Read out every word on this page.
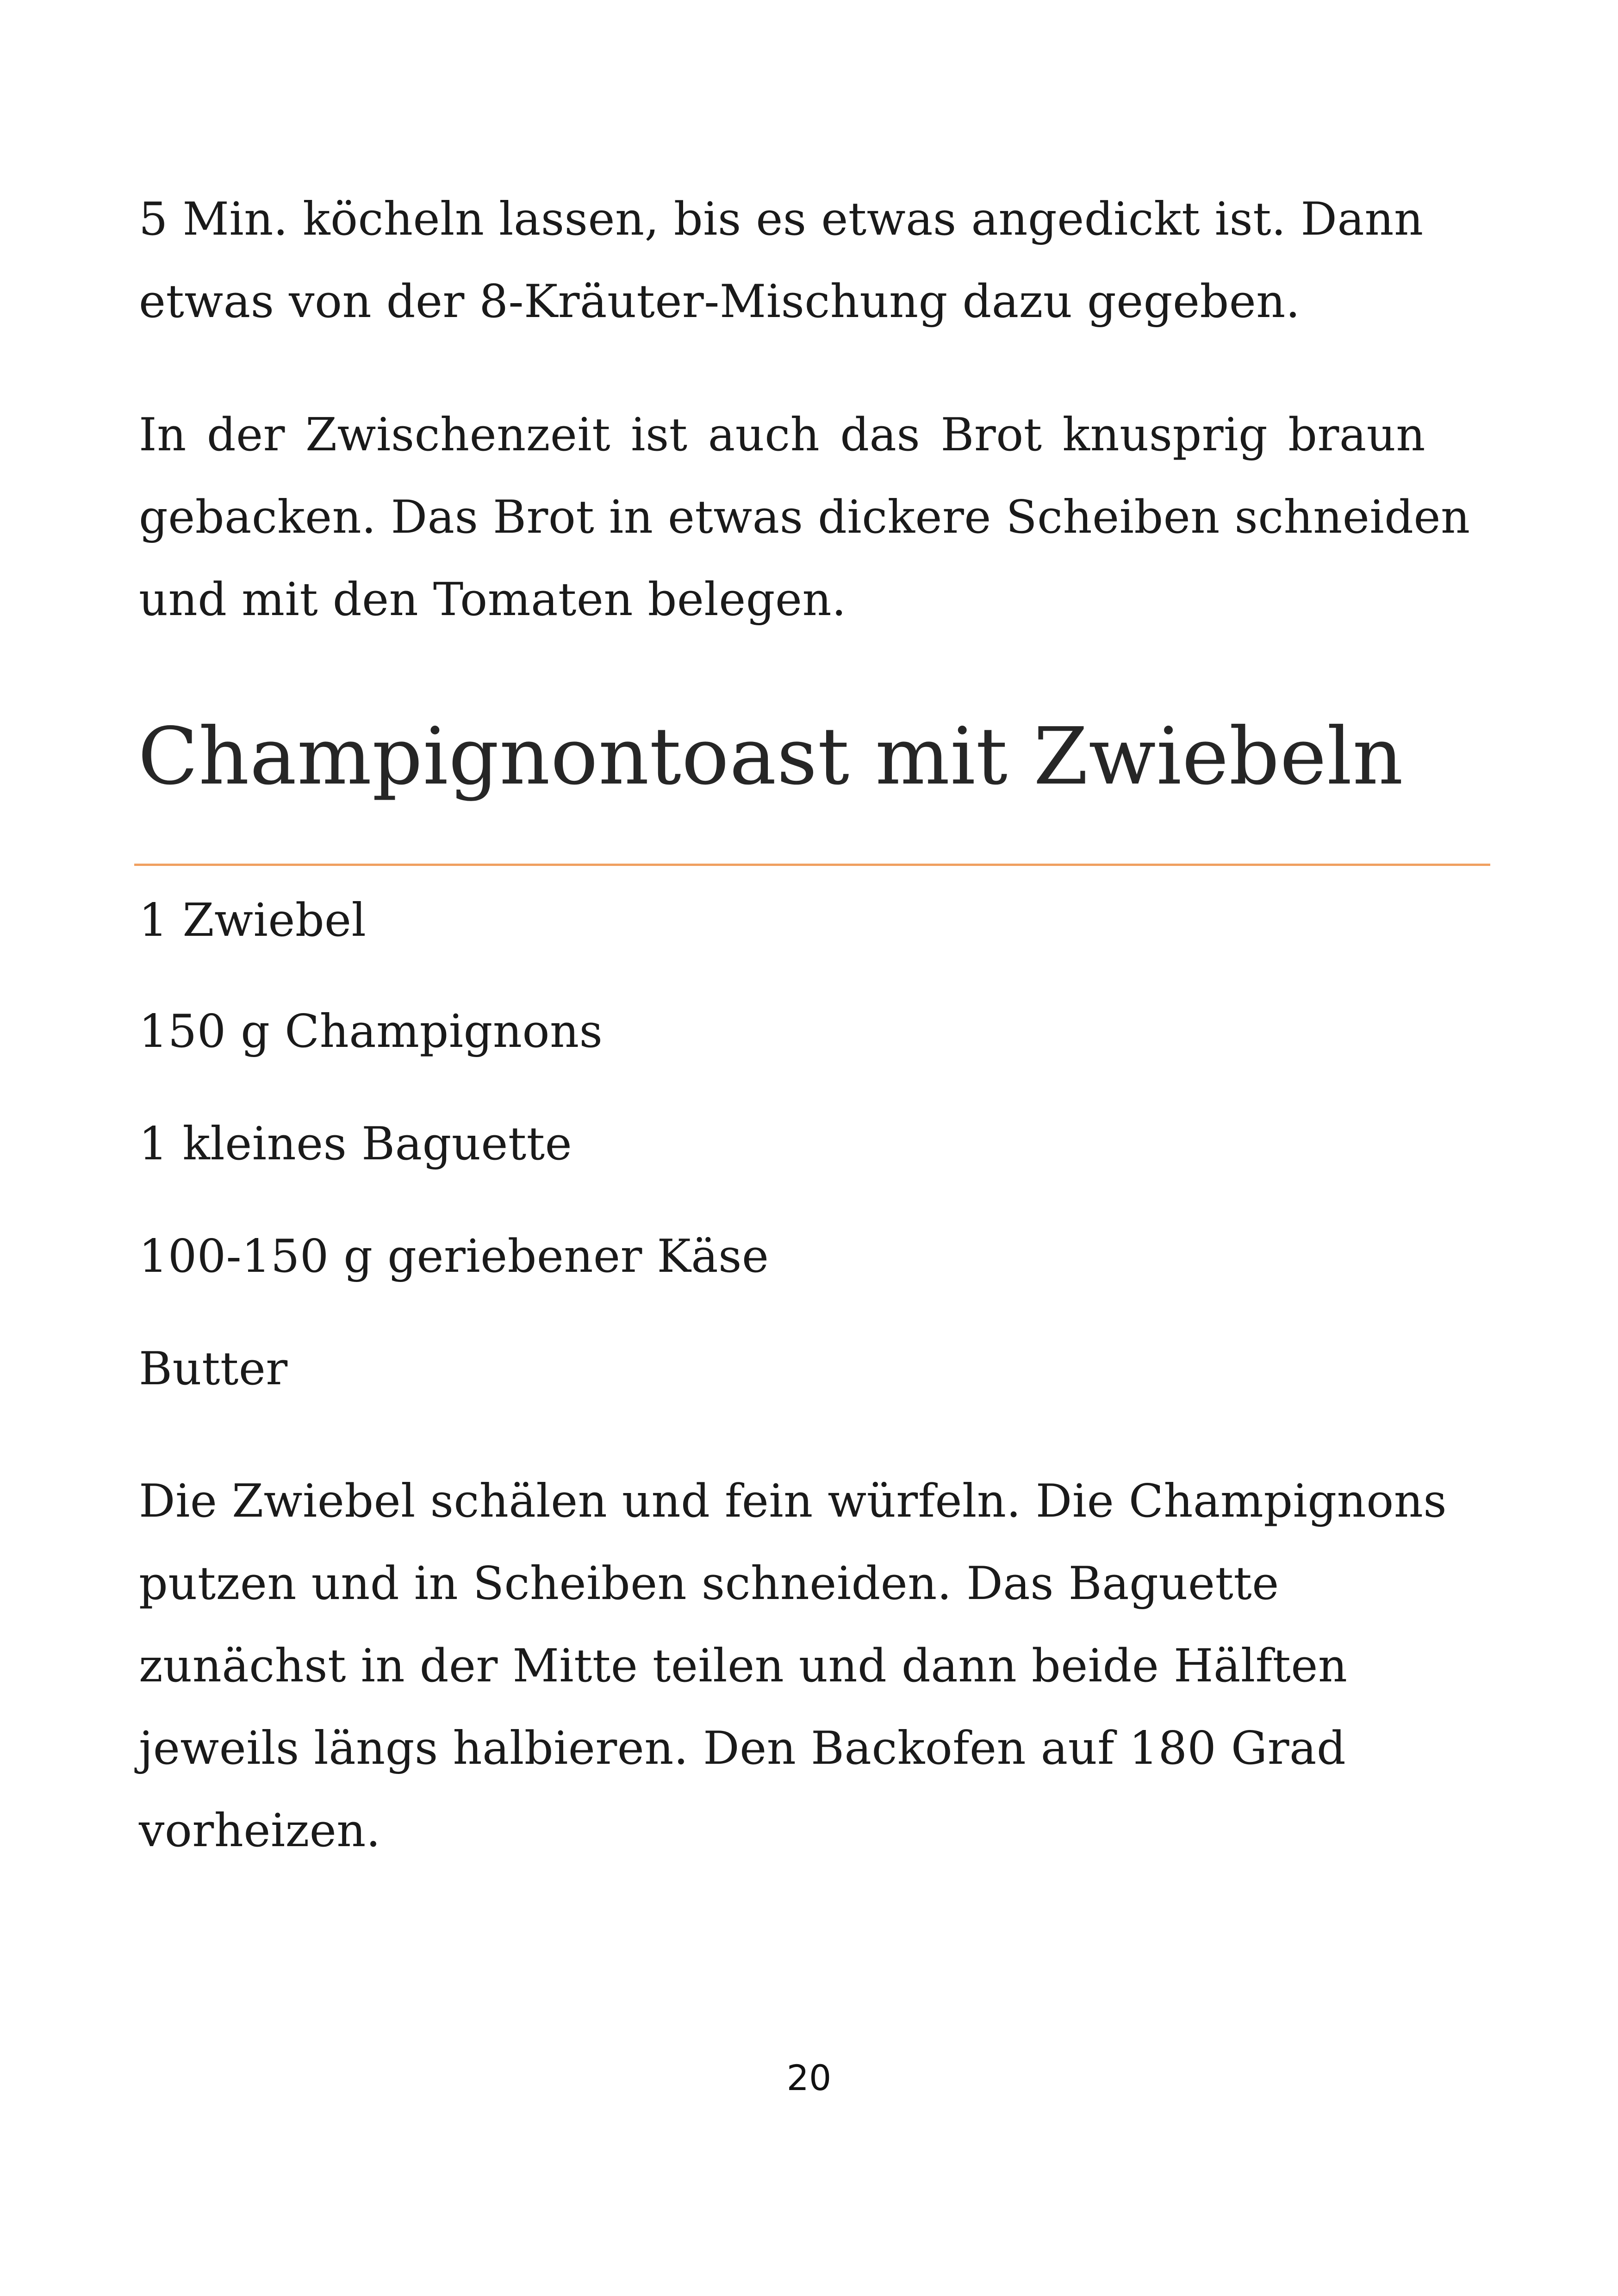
5 Min. köcheln lassen, bis es etwas angedickt ist. Dann
etwas von der 8-Kräuter-Mischung dazu gegeben.

In der Zwischenzeit ist auch das Brot knusprig braun
gebacken. Das Brot in etwas dickere Scheiben schneiden
und mit den Tomaten belegen.

Champignontoast mit Zwiebeln

1 Zwiebel

150 g Champignons

1 kleines Baguette

100-150 g geriebener Käse

Butter

Die Zwiebel schälen und fein würfeln. Die Champignons
putzen und in Scheiben schneiden. Das Baguette
zunächst in der Mitte teilen und dann beide Hälften
jeweils längs halbieren. Den Backofen auf 180 Grad
vorheizen.

20
